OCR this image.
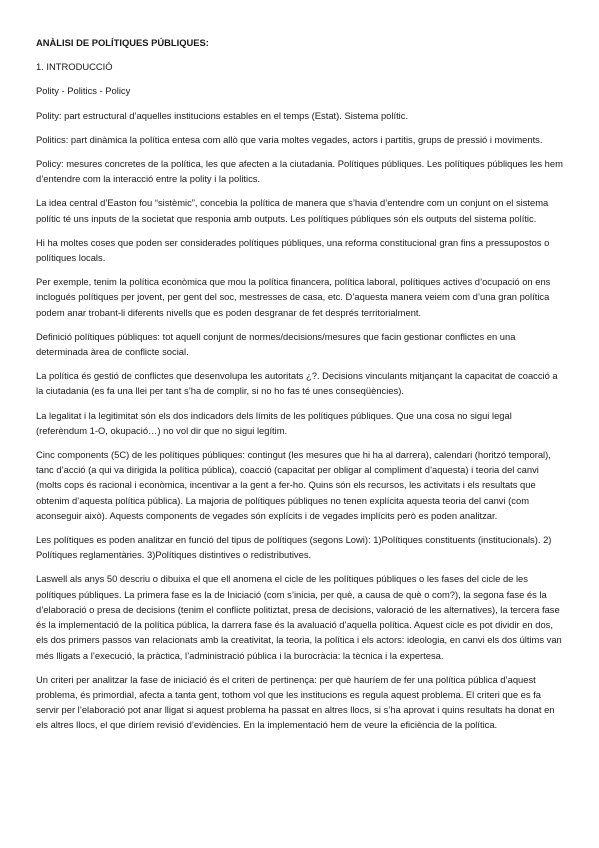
ANÀLISI DE POLÍTIQUES PÚBLIQUES:

1. INTRODUCCIÓ

Polity - Politics - Policy

Polity: part estructural d’aquelles institucions estables en el temps (Estat). Sistema polític.

Politics: part dinàmica la política entesa com allò que varia moltes vegades, actors i partitis, grups de pressió i moviments.

Policy: mesures concretes de la política, les que afecten a la ciutadania. Polítiques públiques. Les polítiques públiques les hem d’entendre com la interacció entre la polity i la politics.

La idea central d’Easton fou “sistèmic”, concebia la política de manera que s’havia d’entendre com un conjunt on el sistema polític té uns inputs de la societat que responia amb outputs. Les polítiques públiques són els outputs del sistema polític.

Hi ha moltes coses que poden ser considerades polítiques públiques, una reforma constitucional gran fins a pressupostos o polítiques locals.

Per exemple, tenim la política econòmica que mou la política financera, política laboral, polítiques actives d’ocupació on ens inclogués polítiques per jovent, per gent del soc, mestresses de casa, etc. D’aquesta manera veiem com d’una gran política podem anar trobant-li diferents nivells que es poden desgranar de fet després territorialment.

Definició polítiques públiques: tot aquell conjunt de normes/decisions/mesures que facin gestionar conflictes en una determinada àrea de conflicte social.

La política és gestió de conflictes que desenvolupa les autoritats ¿?. Decisions vinculants mitjançant la capacitat de coacció a la ciutadania (es fa una llei per tant s’ha de complir, si no ho fas té unes conseqüències).

La legalitat i la legitimitat són els dos indicadors dels límits de les polítiques públiques. Que una cosa no sigui legal (referèndum 1-O, okupació…) no vol dir que no sigui legítim.

Cinc components (5C) de les polítiques públiques: contingut (les mesures que hi ha al darrera), calendari (horitzó temporal), tanc d’acció (a qui va dirigida la política pública), coacció (capacitat per obligar al compliment d’aquesta) i teoria del canvi (molts cops és racional i econòmica, incentivar a la gent a fer-ho. Quins són els recursos, les activitats i els resultats que obtenim d’aquesta política pública). La majoria de polítiques públiques no tenen explícita aquesta teoria del canvi (com aconseguir això). Aquests components de vegades són explícits i de vegades implícits però es poden analitzar.

Les polítiques es poden analitzar en funció del tipus de polítiques (segons Lowi): 1)Polítiques constituents (institucionals). 2) Polítiques reglamentàries. 3)Polítiques distintives o redistributives.

Laswell als anys 50 descriu o dibuixa el que ell anomena el cicle de les polítiques públiques o les fases del cicle de les polítiques públiques. La primera fase es la de Iniciació (com s’inicia, per què, a causa de què o com?), la segona fase és la d’elaboració o presa de decisions (tenim el conflicte politiztat, presa de decisions, valoració de les alternatives), la tercera fase és la implementació de la política pública, la darrera fase és la avaluació d’aquella política. Aquest cicle es pot dividir en dos, els dos primers passos van relacionats amb la creativitat, la teoria, la política i els actors: ideologia, en canvi els dos últims van més lligats a l’execució, la pràctica, l’administració pública i la burocràcia: la tècnica i la expertesa.

Un criteri per analitzar la fase de iniciació és el criteri de pertinença: per què hauríem de fer una política pública d’aquest problema, és primordial, afecta a tanta gent, tothom vol que les institucions es regula aquest problema. El criteri que es fa servir per l’elaboració pot anar lligat si aquest problema ha passat en altres llocs, si s’ha aprovat i quins resultats ha donat en els altres llocs, el que diríem revisió d’evidències. En la implementació hem de veure la eficiència de la política.
